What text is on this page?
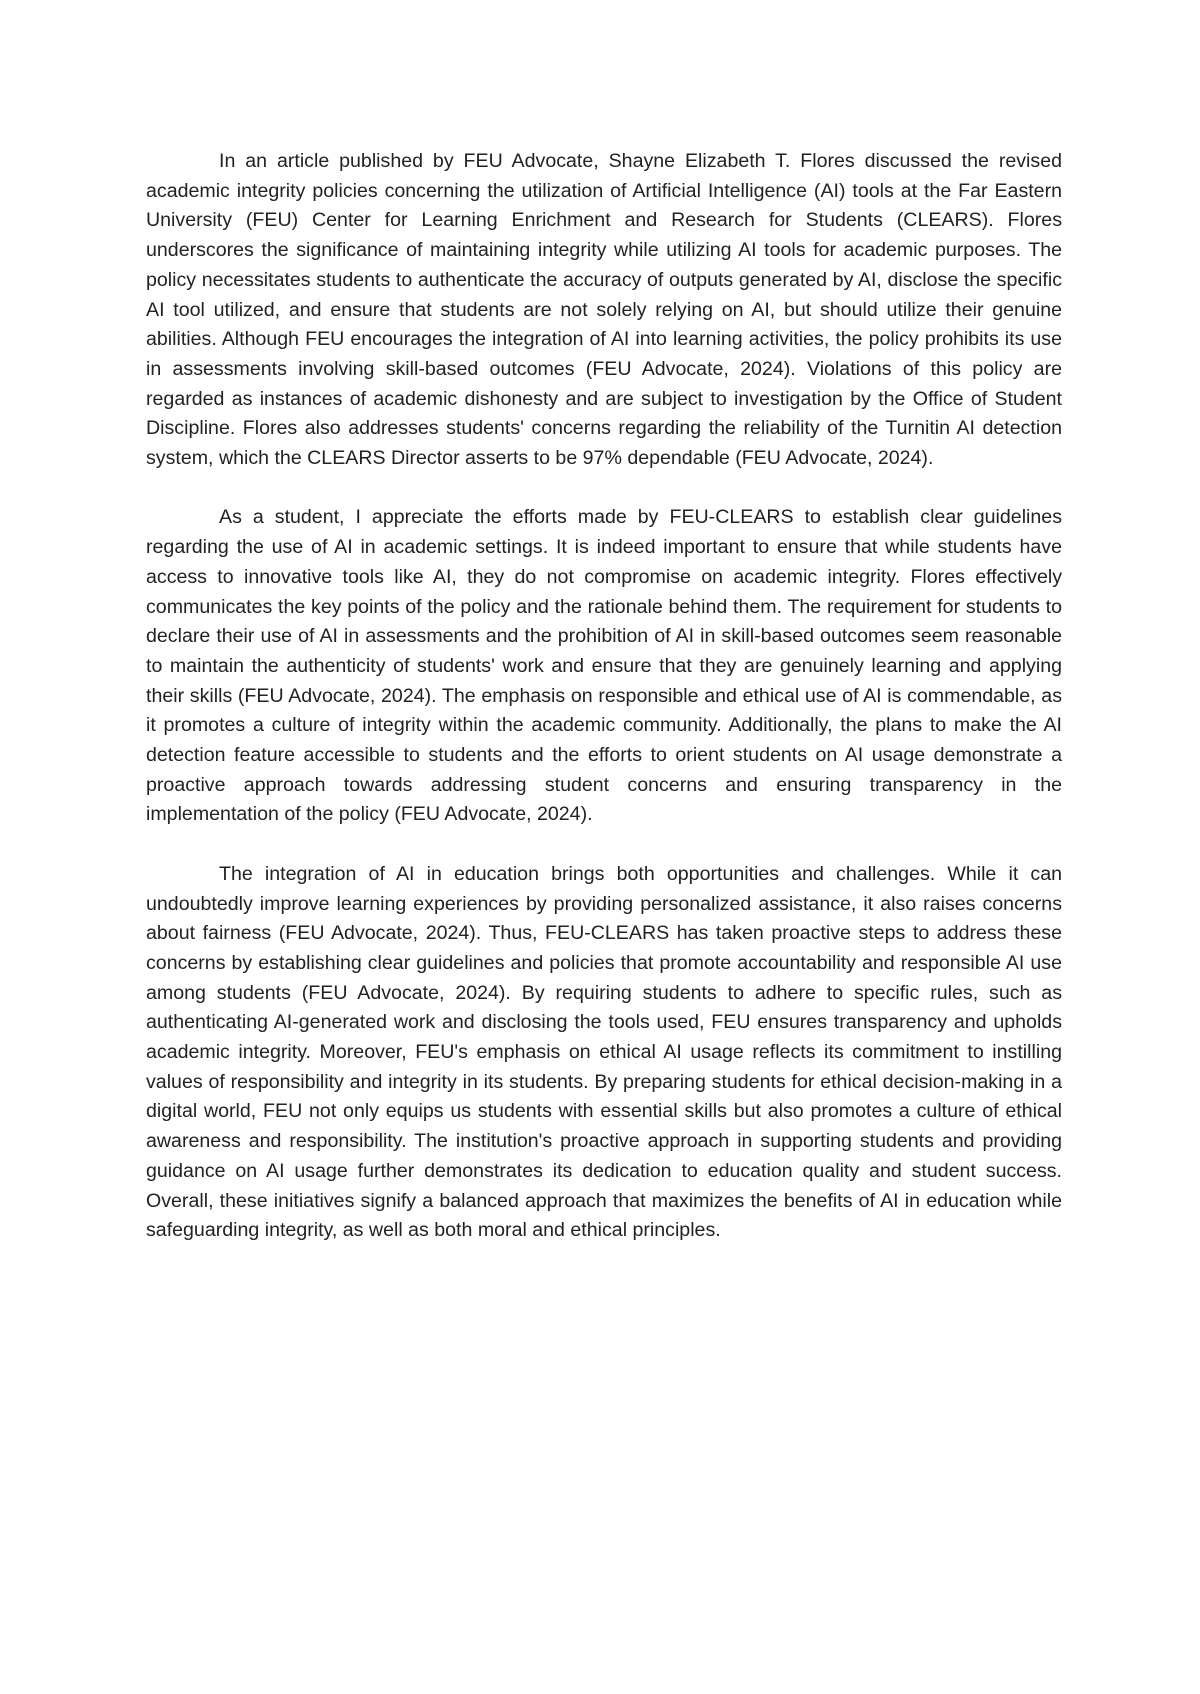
In an article published by FEU Advocate, Shayne Elizabeth T. Flores discussed the revised academic integrity policies concerning the utilization of Artificial Intelligence (AI) tools at the Far Eastern University (FEU) Center for Learning Enrichment and Research for Students (CLEARS). Flores underscores the significance of maintaining integrity while utilizing AI tools for academic purposes. The policy necessitates students to authenticate the accuracy of outputs generated by AI, disclose the specific AI tool utilized, and ensure that students are not solely relying on AI, but should utilize their genuine abilities. Although FEU encourages the integration of AI into learning activities, the policy prohibits its use in assessments involving skill-based outcomes (FEU Advocate, 2024). Violations of this policy are regarded as instances of academic dishonesty and are subject to investigation by the Office of Student Discipline. Flores also addresses students' concerns regarding the reliability of the Turnitin AI detection system, which the CLEARS Director asserts to be 97% dependable (FEU Advocate, 2024).

As a student, I appreciate the efforts made by FEU-CLEARS to establish clear guidelines regarding the use of AI in academic settings. It is indeed important to ensure that while students have access to innovative tools like AI, they do not compromise on academic integrity. Flores effectively communicates the key points of the policy and the rationale behind them. The requirement for students to declare their use of AI in assessments and the prohibition of AI in skill-based outcomes seem reasonable to maintain the authenticity of students' work and ensure that they are genuinely learning and applying their skills (FEU Advocate, 2024). The emphasis on responsible and ethical use of AI is commendable, as it promotes a culture of integrity within the academic community. Additionally, the plans to make the AI detection feature accessible to students and the efforts to orient students on AI usage demonstrate a proactive approach towards addressing student concerns and ensuring transparency in the implementation of the policy (FEU Advocate, 2024).

The integration of AI in education brings both opportunities and challenges. While it can undoubtedly improve learning experiences by providing personalized assistance, it also raises concerns about fairness (FEU Advocate, 2024). Thus, FEU-CLEARS has taken proactive steps to address these concerns by establishing clear guidelines and policies that promote accountability and responsible AI use among students (FEU Advocate, 2024). By requiring students to adhere to specific rules, such as authenticating AI-generated work and disclosing the tools used, FEU ensures transparency and upholds academic integrity. Moreover, FEU's emphasis on ethical AI usage reflects its commitment to instilling values of responsibility and integrity in its students. By preparing students for ethical decision-making in a digital world, FEU not only equips us students with essential skills but also promotes a culture of ethical awareness and responsibility. The institution's proactive approach in supporting students and providing guidance on AI usage further demonstrates its dedication to education quality and student success. Overall, these initiatives signify a balanced approach that maximizes the benefits of AI in education while safeguarding integrity, as well as both moral and ethical principles.
